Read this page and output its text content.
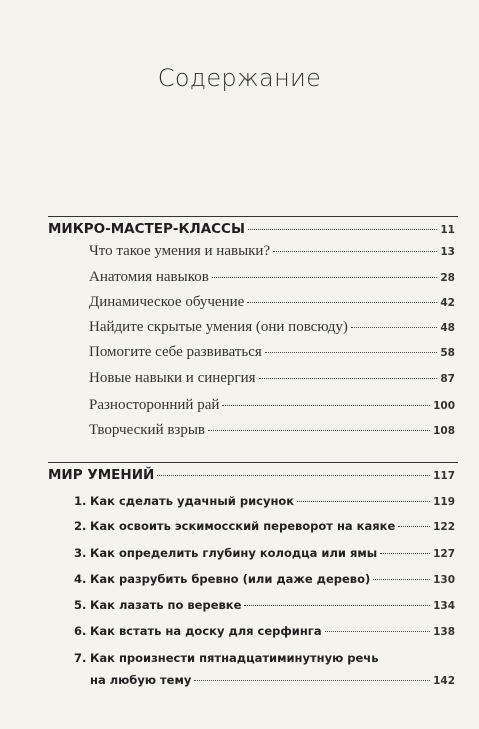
Содержание
МИКРО-МАСТЕР-КЛАССЫ	11
Что такое умения и навыки?	13
Анатомия навыков	28
Динамическое обучение	42
Найдите скрытые умения (они повсюду)	48
Помогите себе развиваться	58
Новые навыки и синергия	87
Разносторонний рай	100
Творческий взрыв	108
МИР УМЕНИЙ	117
1. Как сделать удачный рисунок	119
2. Как освоить эскимосский переворот на каяке	122
3. Как определить глубину колодца или ямы	127
4. Как разрубить бревно (или даже дерево)	130
5. Как лазать по веревке	134
6. Как встать на доску для серфинга	138
7. Как произнести пятнадцатиминутную речь
на любую тему	142
